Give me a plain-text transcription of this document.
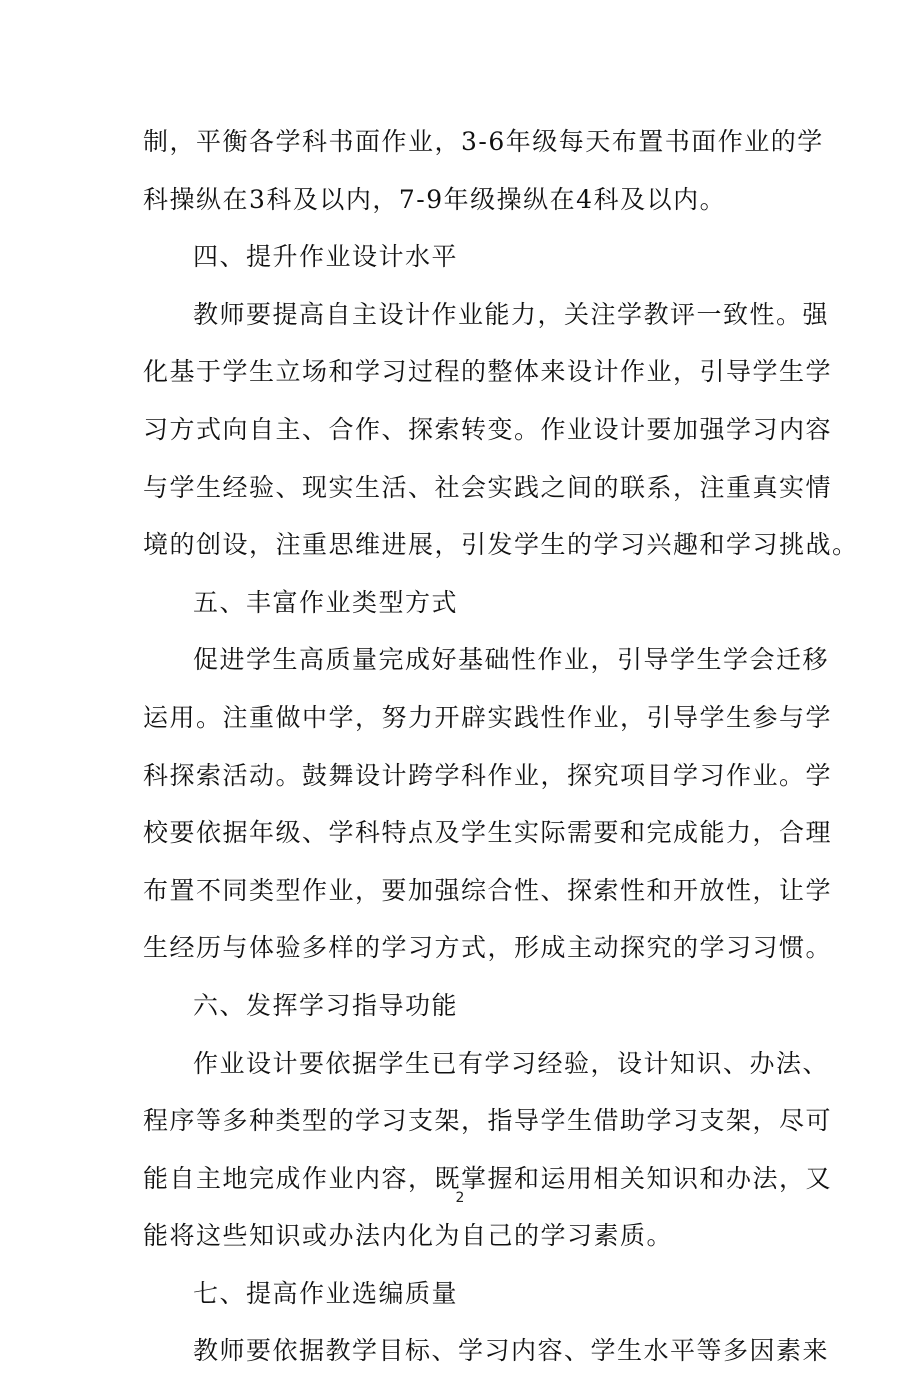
制，平衡各学科书面作业，3-6年级每天布置书面作业的学
科操纵在3科及以内，7-9年级操纵在4科及以内。
四、提升作业设计水平
教师要提高自主设计作业能力，关注学教评一致性。强
化基于学生立场和学习过程的整体来设计作业，引导学生学
习方式向自主、合作、探索转变。作业设计要加强学习内容
与学生经验、现实生活、社会实践之间的联系，注重真实情
境的创设，注重思维进展，引发学生的学习兴趣和学习挑战。
五、丰富作业类型方式
促进学生高质量完成好基础性作业，引导学生学会迁移
运用。注重做中学，努力开辟实践性作业，引导学生参与学
科探索活动。鼓舞设计跨学科作业，探究项目学习作业。学
校要依据年级、学科特点及学生实际需要和完成能力，合理
布置不同类型作业，要加强综合性、探索性和开放性，让学
生经历与体验多样的学习方式，形成主动探究的学习习惯。
六、发挥学习指导功能
作业设计要依据学生已有学习经验，设计知识、办法、
程序等多种类型的学习支架，指导学生借助学习支架，尽可
能自主地完成作业内容，既掌握和运用相关知识和办法，又
能将这些知识或办法内化为自己的学习素质。
七、提高作业选编质量
教师要依据教学目标、学习内容、学生水平等多因素来
2
